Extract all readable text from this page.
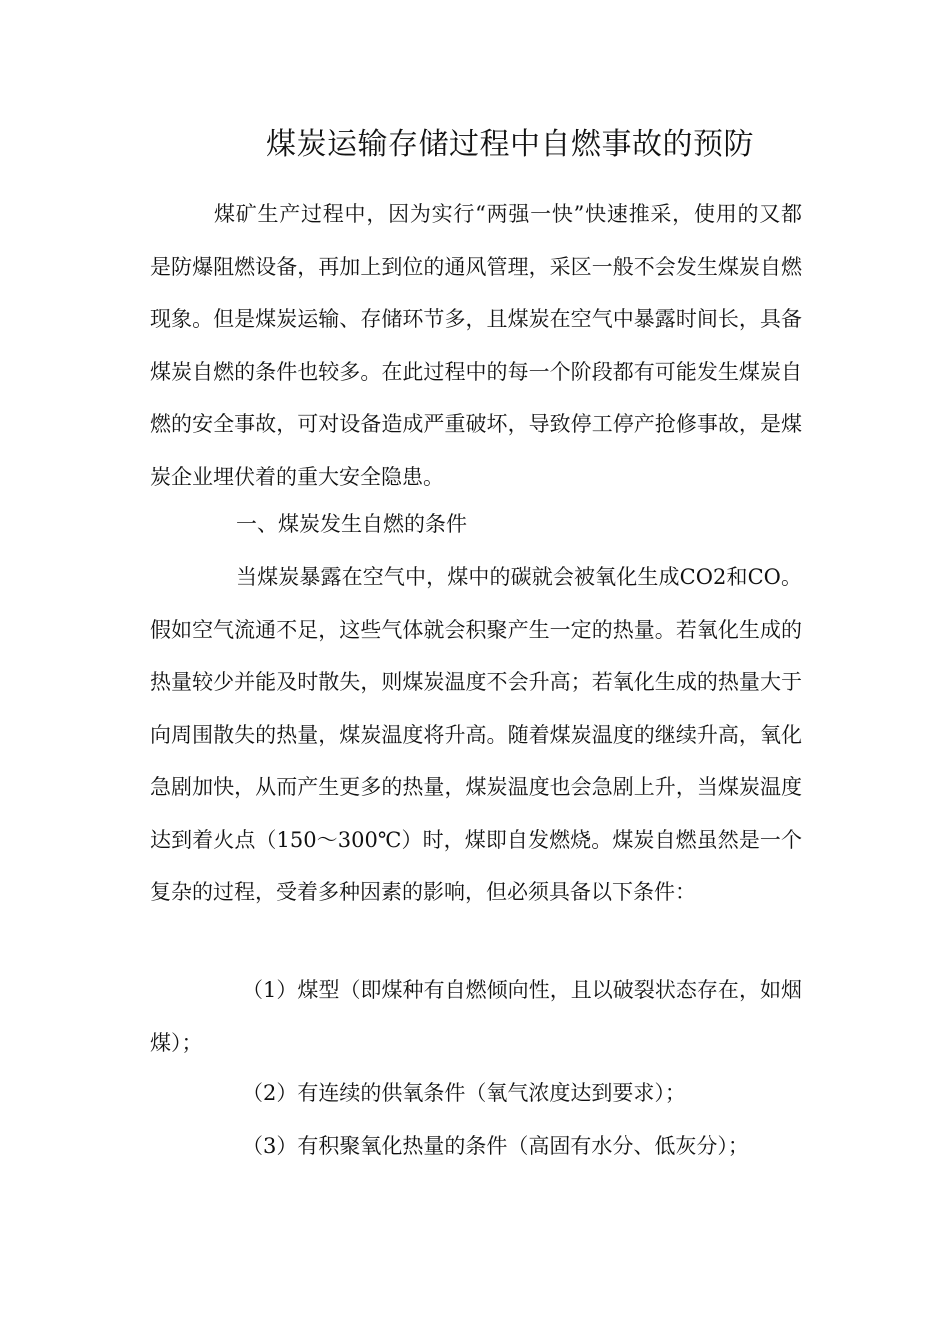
煤炭运输存储过程中自燃事故的预防

煤矿生产过程中，因为实行“两强一快”快速推采，使用的又都是防爆阻燃设备，再加上到位的通风管理，采区一般不会发生煤炭自燃现象。但是煤炭运输、存储环节多，且煤炭在空气中暴露时间长，具备煤炭自燃的条件也较多。在此过程中的每一个阶段都有可能发生煤炭自燃的安全事故，可对设备造成严重破坏，导致停工停产抢修事故，是煤炭企业埋伏着的重大安全隐患。

一、煤炭发生自燃的条件

当煤炭暴露在空气中，煤中的碳就会被氧化生成CO2和CO。假如空气流通不足，这些气体就会积聚产生一定的热量。若氧化生成的热量较少并能及时散失，则煤炭温度不会升高；若氧化生成的热量大于向周围散失的热量，煤炭温度将升高。随着煤炭温度的继续升高，氧化急剧加快，从而产生更多的热量，煤炭温度也会急剧上升，当煤炭温度达到着火点（150～300℃）时，煤即自发燃烧。煤炭自燃虽然是一个复杂的过程，受着多种因素的影响，但必须具备以下条件：

（1）煤型（即煤种有自燃倾向性，且以破裂状态存在，如烟煤）；

（2）有连续的供氧条件（氧气浓度达到要求）；

（3）有积聚氧化热量的条件（高固有水分、低灰分）；
